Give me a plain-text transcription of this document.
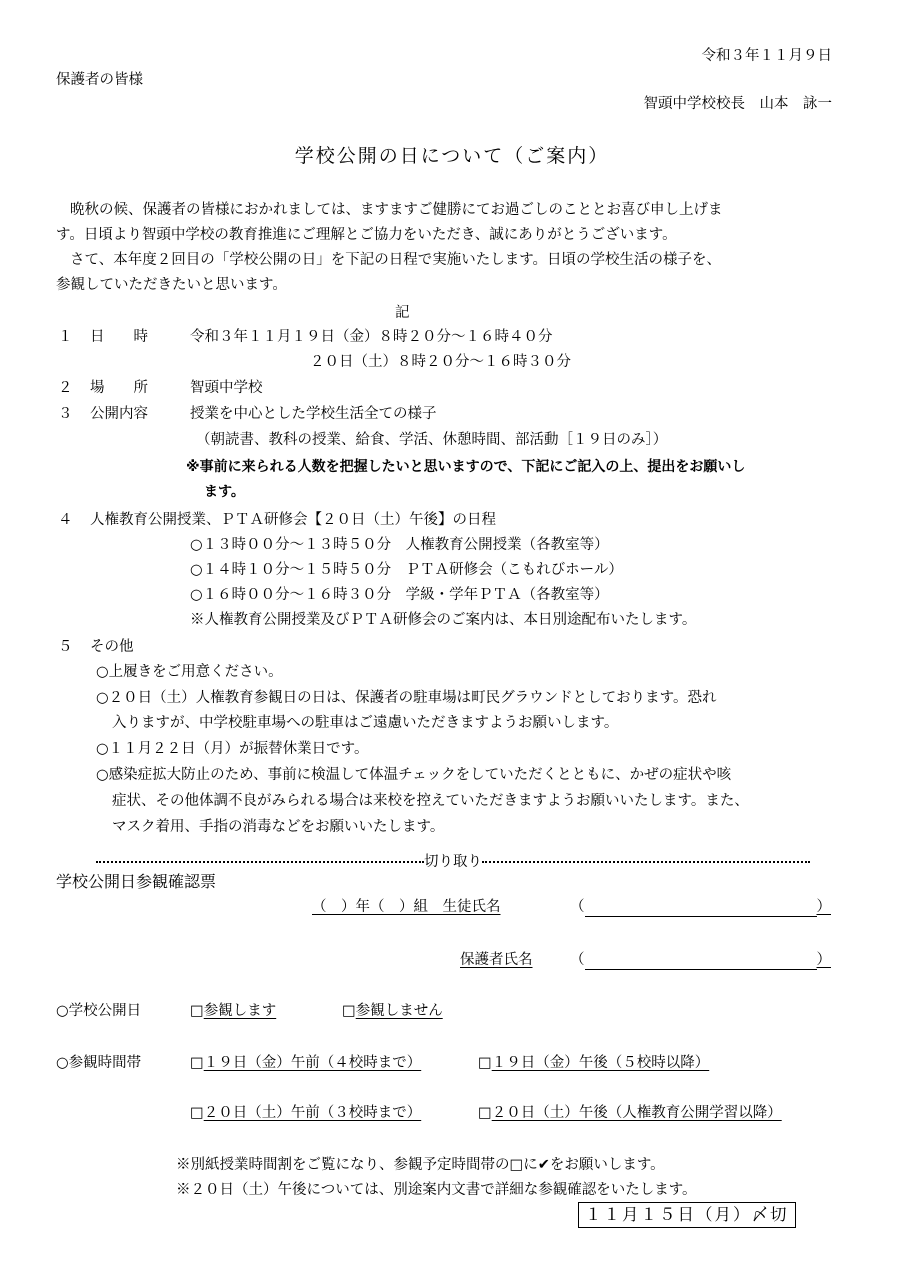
令和３年１１月９日
保護者の皆様
智頭中学校校長　山本　詠一
学校公開の日について（ご案内）
晩秋の候、保護者の皆様におかれましては、ますますご健勝にてお過ごしのこととお喜び申し上げま
す。日頃より智頭中学校の教育推進にご理解とご協力をいただき、誠にありがとうございます。
さて、本年度２回目の「学校公開の日」を下記の日程で実施いたします。日頃の学校生活の様子を、
参観していただきたいと思います。
記
１ 日　　時	令和３年１１月１９日（金）８時２０分～１６時４０分
２０日（土）８時２０分～１６時３０分
２ 場　　所	智頭中学校
３ 公開内容	授業を中心とした学校生活全ての様子
（朝読書、教科の授業、給食、学活、休憩時間、部活動［１９日のみ］）
※事前に来られる人数を把握したいと思いますので、下記にご記入の上、提出をお願いし
ます。
４ 人権教育公開授業、ＰＴＡ研修会【２０日（土）午後】の日程
○１３時００分～１３時５０分　人権教育公開授業（各教室等）
○１４時１０分～１５時５０分　ＰＴＡ研修会（こもれびホール）
○１６時００分～１６時３０分　学級・学年ＰＴＡ（各教室等）
※人権教育公開授業及びＰＴＡ研修会のご案内は、本日別途配布いたします。
５ その他
○上履きをご用意ください。
○２０日（土）人権教育参観日の日は、保護者の駐車場は町民グラウンドとしております。恐れ
入りますが、中学校駐車場への駐車はご遠慮いただきますようお願いします。
○１１月２２日（月）が振替休業日です。
○感染症拡大防止のため、事前に検温して体温チェックをしていただくとともに、かぜの症状や咳
症状、その他体調不良がみられる場合は来校を控えていただきますようお願いいたします。また、
マスク着用、手指の消毒などをお願いいたします。
切り取り
学校公開日参観確認票
（　）年（　）組　生徒氏名	（	）
保護者氏名	（	）
○学校公開日	□参観します	□参観しません
○参観時間帯	□１９日（金）午前（４校時まで）	□１９日（金）午後（５校時以降）
□２０日（土）午前（３校時まで）	□２０日（土）午後（人権教育公開学習以降）
※別紙授業時間割をご覧になり、参観予定時間帯の□に✔をお願いします。
※２０日（土）午後については、別途案内文書で詳細な参観確認をいたします。
１１月１５日（月）〆切
